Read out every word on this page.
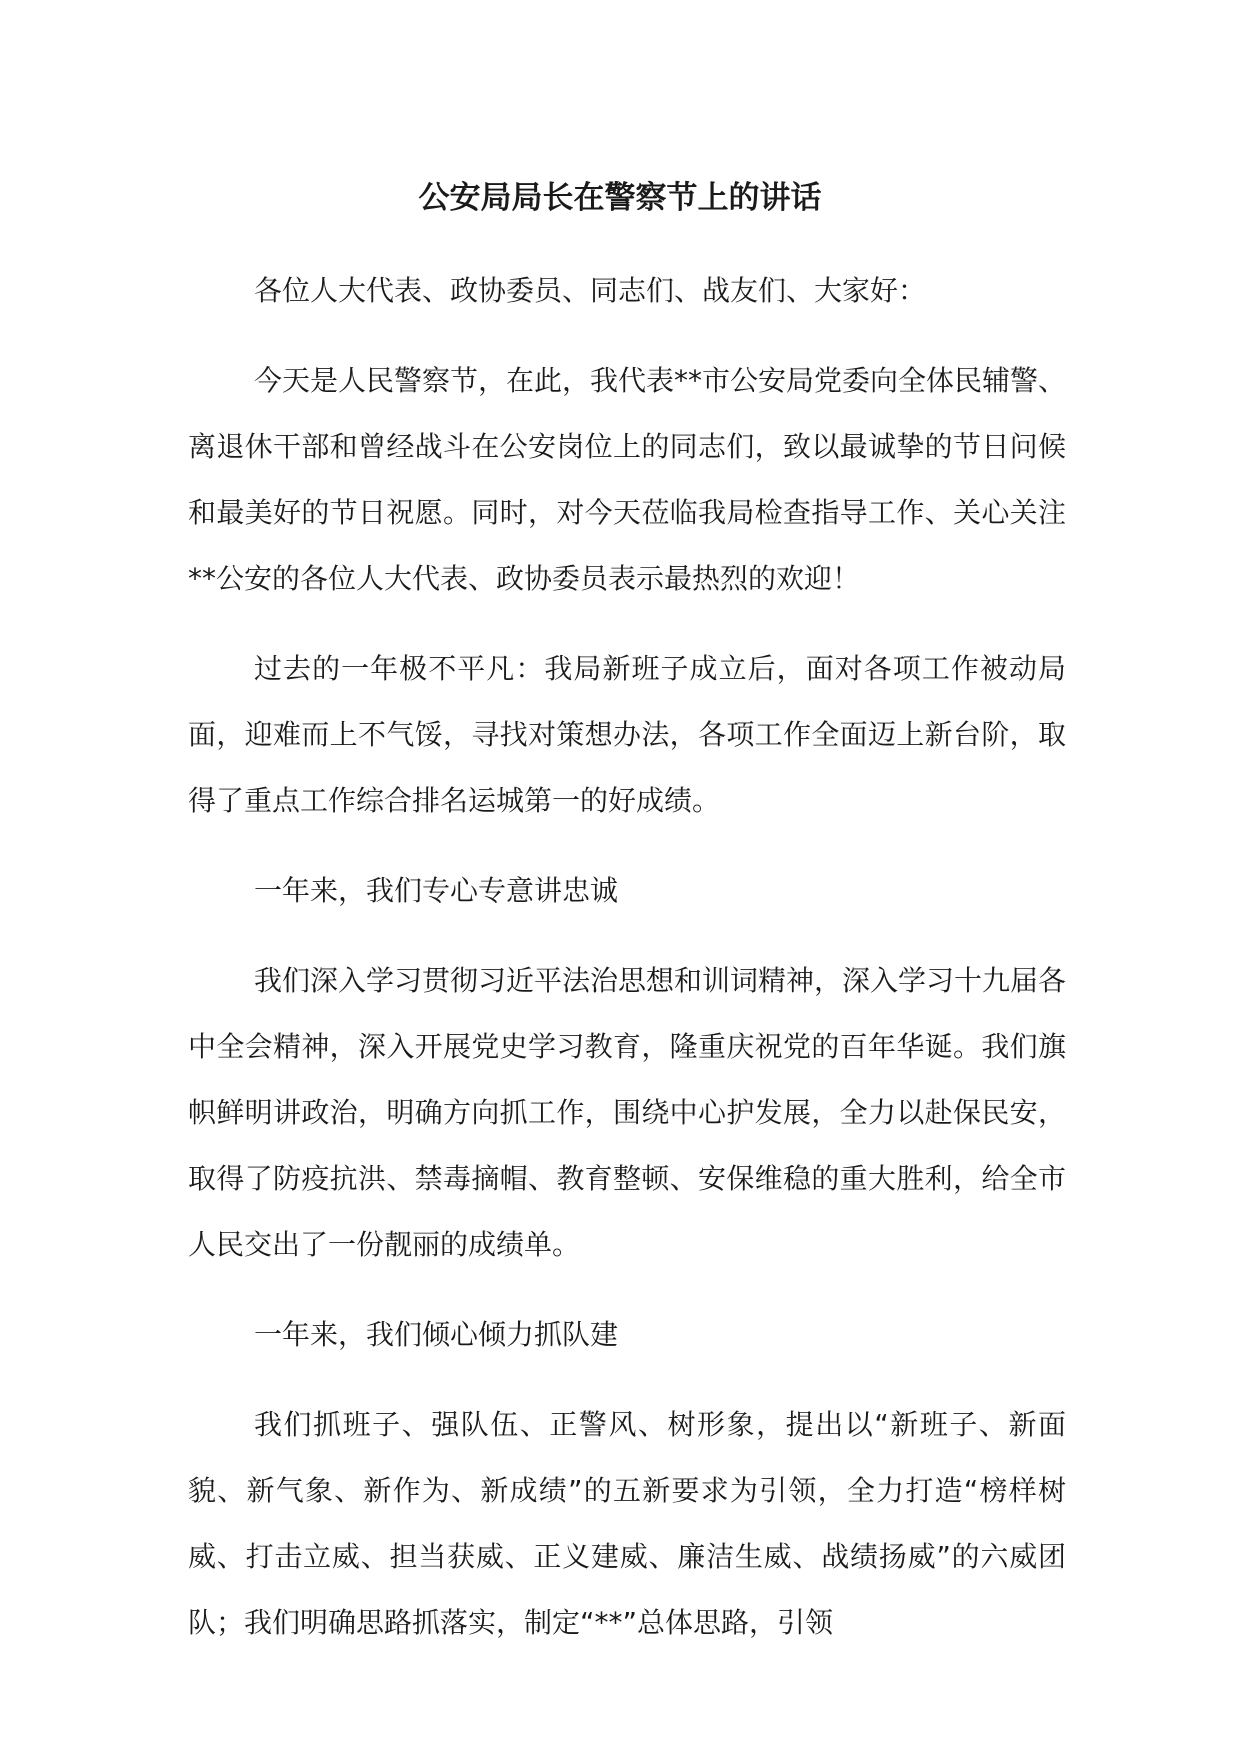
公安局局长在警察节上的讲话

各位人大代表、政协委员、同志们、战友们、大家好：

今天是人民警察节，在此，我代表**市公安局党委向全体民辅警、离退休干部和曾经战斗在公安岗位上的同志们，致以最诚挚的节日问候和最美好的节日祝愿。同时，对今天莅临我局检查指导工作、关心关注**公安的各位人大代表、政协委员表示最热烈的欢迎！

过去的一年极不平凡：我局新班子成立后，面对各项工作被动局面，迎难而上不气馁，寻找对策想办法，各项工作全面迈上新台阶，取得了重点工作综合排名运城第一的好成绩。

一年来，我们专心专意讲忠诚

我们深入学习贯彻习近平法治思想和训词精神，深入学习十九届各中全会精神，深入开展党史学习教育，隆重庆祝党的百年华诞。我们旗帜鲜明讲政治，明确方向抓工作，围绕中心护发展，全力以赴保民安，取得了防疫抗洪、禁毒摘帽、教育整顿、安保维稳的重大胜利，给全市人民交出了一份靓丽的成绩单。

一年来，我们倾心倾力抓队建

我们抓班子、强队伍、正警风、树形象，提出以“新班子、新面貌、新气象、新作为、新成绩”的五新要求为引领，全力打造“榜样树威、打击立威、担当获威、正义建威、廉洁生威、战绩扬威”的六威团队；我们明确思路抓落实，制定“**”总体思路，引领
